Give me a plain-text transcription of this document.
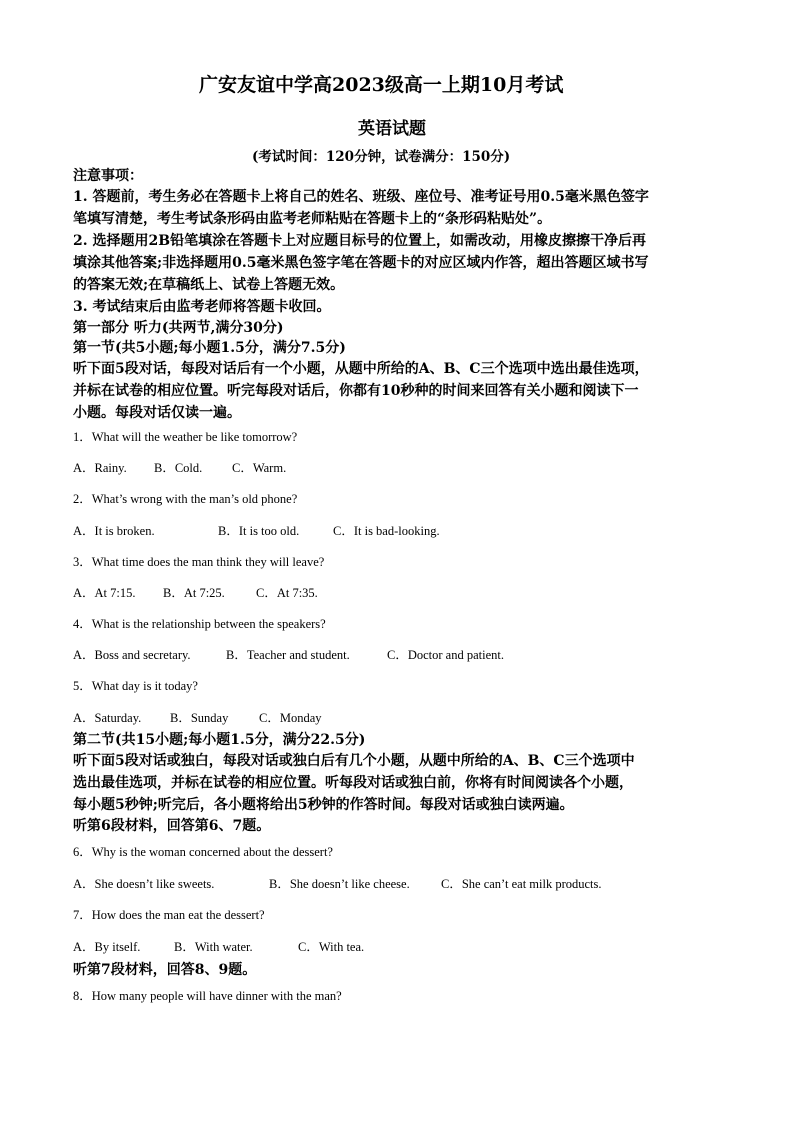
广安友谊中学高2023级高一上期10月考试
英语试题
(考试时间：120分钟，试卷满分：150分)
注意事项：
1. 答题前，考生务必在答题卡上将自己的姓名、班级、座位号、准考证号用0.5毫米黑色签字
笔填写清楚，考生考试条形码由监考老师粘贴在答题卡上的“条形码粘贴处”。
2. 选择题用2B铅笔填涂在答题卡上对应题目标号的位置上，如需改动，用橡皮擦擦干净后再
填涂其他答案;非选择题用0.5毫米黑色签字笔在答题卡的对应区域内作答，超出答题区域书写
的答案无效;在草稿纸上、试卷上答题无效。
3. 考试结束后由监考老师将答题卡收回。
第一部分 听力(共两节,满分30分)
第一节(共5小题;每小题1.5分，满分7.5分)
听下面5段对话，每段对话后有一个小题，从题中所给的A、B、C三个选项中选出最佳选项，
并标在试卷的相应位置。听完每段对话后，你都有10秒种的时间来回答有关小题和阅读下一
小题。每段对话仅读一遍。
1．What will the weather be like tomorrow?
A．Rainy. B．Cold. C．Warm.
2．What’s wrong with the man’s old phone?
A．It is broken.	B．It is too old.	C．It is bad-looking.
3．What time does the man think they will leave?
A．At 7:15. B．At 7:25. C．At 7:35.
4．What is the relationship between the speakers?
A．Boss and secretary.	B．Teacher and student.	C．Doctor and patient.
5．What day is it today?
A．Saturday. B．Sunday C．Monday
第二节(共15小题;每小题1.5分，满分22.5分)
听下面5段对话或独白，每段对话或独白后有几个小题，从题中所给的A、B、C三个选项中
选出最佳选项，并标在试卷的相应位置。听每段对话或独白前，你将有时间阅读各个小题，
每小题5秒钟;听完后，各小题将给出5秒钟的作答时间。每段对话或独白读两遍。
听第6段材料，回答第6、7题。
6．Why is the woman concerned about the dessert?
A．She doesn’t like sweets.	B．She doesn’t like cheese.	C．She can’t eat milk products.
7．How does the man eat the dessert?
A．By itself.	B．With water.	C．With tea.
听第7段材料，回答8、9题。
8．How many people will have dinner with the man?
